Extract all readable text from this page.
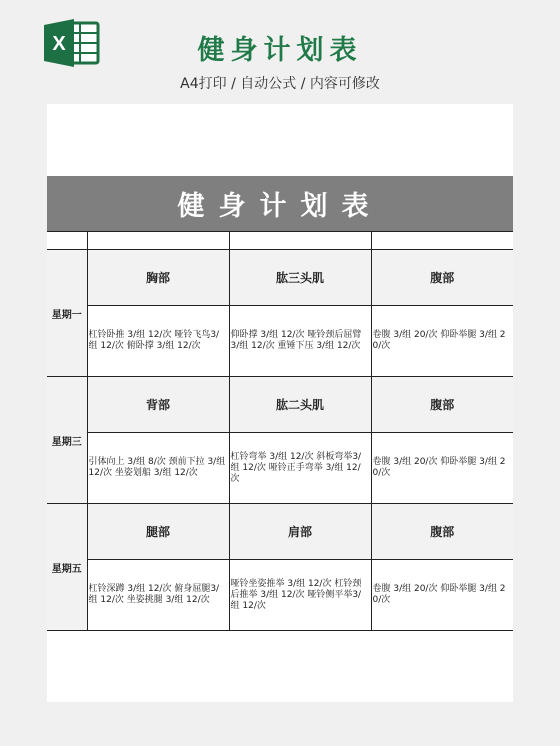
X	健身计划表
A4打印 / 自动公式 / 内容可修改
健身计划表

星期一	胸部	肱三头肌	腹部
	杠铃卧推 3/组 12/次 哑铃飞鸟3/组 12/次 俯卧撑 3/组 12/次	仰卧撑 3/组 12/次 哑铃颈后屈臂3/组 12/次 重锤下压 3/组 12/次	卷腹 3/组 20/次 仰卧举腿 3/组 20/次
星期三	背部	肱二头肌	腹部
	引体向上 3/组 8/次 颈前下拉 3/组 12/次 坐姿划船 3/组 12/次	杠铃弯举 3/组 12/次 斜板弯举3/组 12/次 哑铃正手弯举 3/组 12/次	卷腹 3/组 20/次 仰卧举腿 3/组 20/次
星期五	腿部	肩部	腹部
	杠铃深蹲 3/组 12/次 俯身屈腿3/组 12/次 坐姿挑腿 3/组 12/次	哑铃坐姿推举 3/组 12/次 杠铃颈后推举 3/组 12/次 哑铃侧平举3/组 12/次	卷腹 3/组 20/次 仰卧举腿 3/组 20/次
